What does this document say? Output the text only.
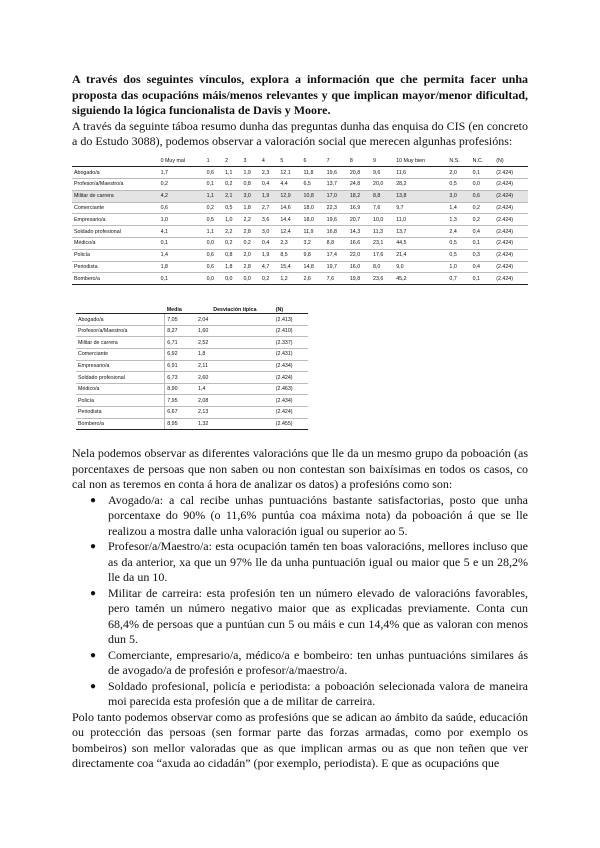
A través dos seguintes vínculos, explora a información que che permita facer unha proposta das ocupacións máis/menos relevantes y que implican mayor/menor dificultad, siguiendo la lógica funcionalista de Davis y Moore.

A través da seguinte táboa resumo dunha das preguntas dunha das enquisa do CIS (en concreto a do Estudo 3088), podemos observar a valoración social que merecen algunhas profesións:

	0 Muy mal	1	2	3	4	5	6	7	8	9	10 Muy bien	N.S.	N.C.	(N)
Abogado/a	1,7	0,6	1,1	1,9	2,3	12,1	11,8	19,6	20,8	9,6	11,6	2,0	0,1	(2.424)
Profesor/a/Maestro/a	0,2	0,1	0,2	0,8	0,4	4,4	6,5	13,7	24,8	20,0	28,2	0,5	0,0	(2.424)
Militar de carrera	4,2	1,1	2,1	3,0	1,9	12,9	10,8	17,0	18,2	8,8	13,8	3,0	0,6	(2.424)
Comerciante	0,6	0,2	0,5	1,8	2,7	14,6	18,0	22,3	16,9	7,6	9,7	1,4	0,2	(2.424)
Empresario/a	1,0	0,5	1,0	2,2	3,6	14,4	18,0	19,6	20,7	10,0	11,0	1,3	0,2	(2.424)
Soldado profesional	4,1	1,1	2,2	2,8	3,0	12,4	11,9	16,8	14,3	11,3	13,7	2,4	0,4	(2.424)
Médico/a	0,1	0,0	0,2	0,2	0,4	2,3	3,2	8,8	16,6	23,1	44,5	0,5	0,1	(2.424)
Policía	1,4	0,6	0,8	2,0	1,9	8,5	9,8	17,4	22,0	17,6	21,4	0,5	0,3	(2.424)
Periodista	1,8	0,6	1,8	2,8	4,7	15,4	14,8	19,7	16,0	8,0	9,0	1,0	0,4	(2.424)
Bombero/a	0,1	0,0	0,0	0,0	0,2	1,2	2,6	7,6	19,8	23,6	45,2	0,7	0,1	(2.424)
	Media	Desviación típica	(N)
Abogado/a	7,05	2,04	(2.413)
Profesor/a/Maestro/a	8,27	1,60	(2.410)
Militar de carrera	6,71	2,52	(2.337)
Comerciante	6,92	1,8	(2.431)
Empresario/a	6,91	2,11	(2.434)
Soldado profesional	6,73	2,60	(2.424)
Médico/a	8,90	1,4	(2.463)
Policía	7,95	2,08	(2.434)
Periodista	6,67	2,13	(2.424)
Bombero/a	8,95	1,32	(2.455)

Nela podemos observar as diferentes valoracións que lle da un mesmo grupo da poboación (as porcentaxes de persoas que non saben ou non contestan son baixísimas en todos os casos, co cal non as teremos en conta á hora de analizar os datos) a profesións como son:

● Avogado/a: a cal recibe unhas puntuacións bastante satisfactorias, posto que unha porcentaxe do 90% (o 11,6% puntúa coa máxima nota) da poboación á que se lle realizou a mostra dalle unha valoración igual ou superior ao 5.
● Profesor/a/Maestro/a: esta ocupación tamén ten boas valoracións, mellores incluso que as da anterior, xa que un 97% lle da unha puntuación igual ou maior que 5 e un 28,2% lle da un 10.
● Militar de carreira: esta profesión ten un número elevado de valoracións favorables, pero tamén un número negativo maior que as explicadas previamente. Conta cun 68,4% de persoas que a puntúan cun 5 ou máis e cun 14,4% que as valoran con menos dun 5.
● Comerciante, empresario/a, médico/a e bombeiro: ten unhas puntuacións similares ás de avogado/a de profesión e profesor/a/maestro/a.
● Soldado profesional, policía e periodista: a poboación selecionada valora de maneira moi parecida esta profesión que a de militar de carreira.

Polo tanto podemos observar como as profesións que se adican ao ámbito da saúde, educación ou protección das persoas (sen formar parte das forzas armadas, como por exemplo os bombeiros) son mellor valoradas que as que implican armas ou as que non teñen que ver directamente coa “axuda ao cidadán” (por exemplo, periodista). E que as ocupacións que
